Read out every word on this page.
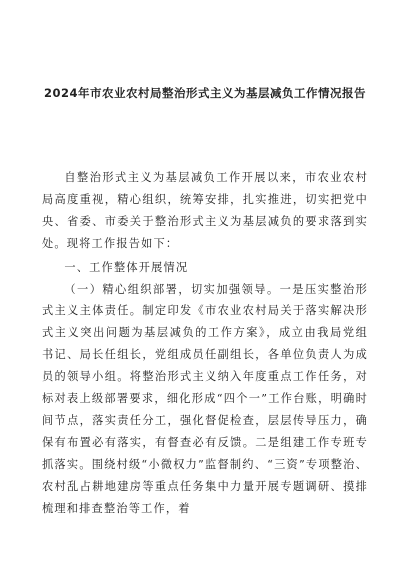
2024年市农业农村局整治形式主义为基层减负工作情况报告

自整治形式主义为基层减负工作开展以来，市农业农村局高度重视，精心组织，统筹安排，扎实推进，切实把党中央、省委、市委关于整治形式主义为基层减负的要求落到实处。现将工作报告如下：

一、工作整体开展情况

（一）精心组织部署，切实加强领导。一是压实整治形式主义主体责任。制定印发《市农业农村局关于落实解决形式主义突出问题为基层减负的工作方案》，成立由我局党组书记、局长任组长，党组成员任副组长，各单位负责人为成员的领导小组。将整治形式主义纳入年度重点工作任务，对标对表上级部署要求，细化形成“四个一”工作台账，明确时间节点，落实责任分工，强化督促检查，层层传导压力，确保有布置必有落实，有督查必有反馈。二是组建工作专班专抓落实。围绕村级“小微权力”监督制约、“三资”专项整治、农村乱占耕地建房等重点任务集中力量开展专题调研、摸排梳理和排查整治等工作，着
